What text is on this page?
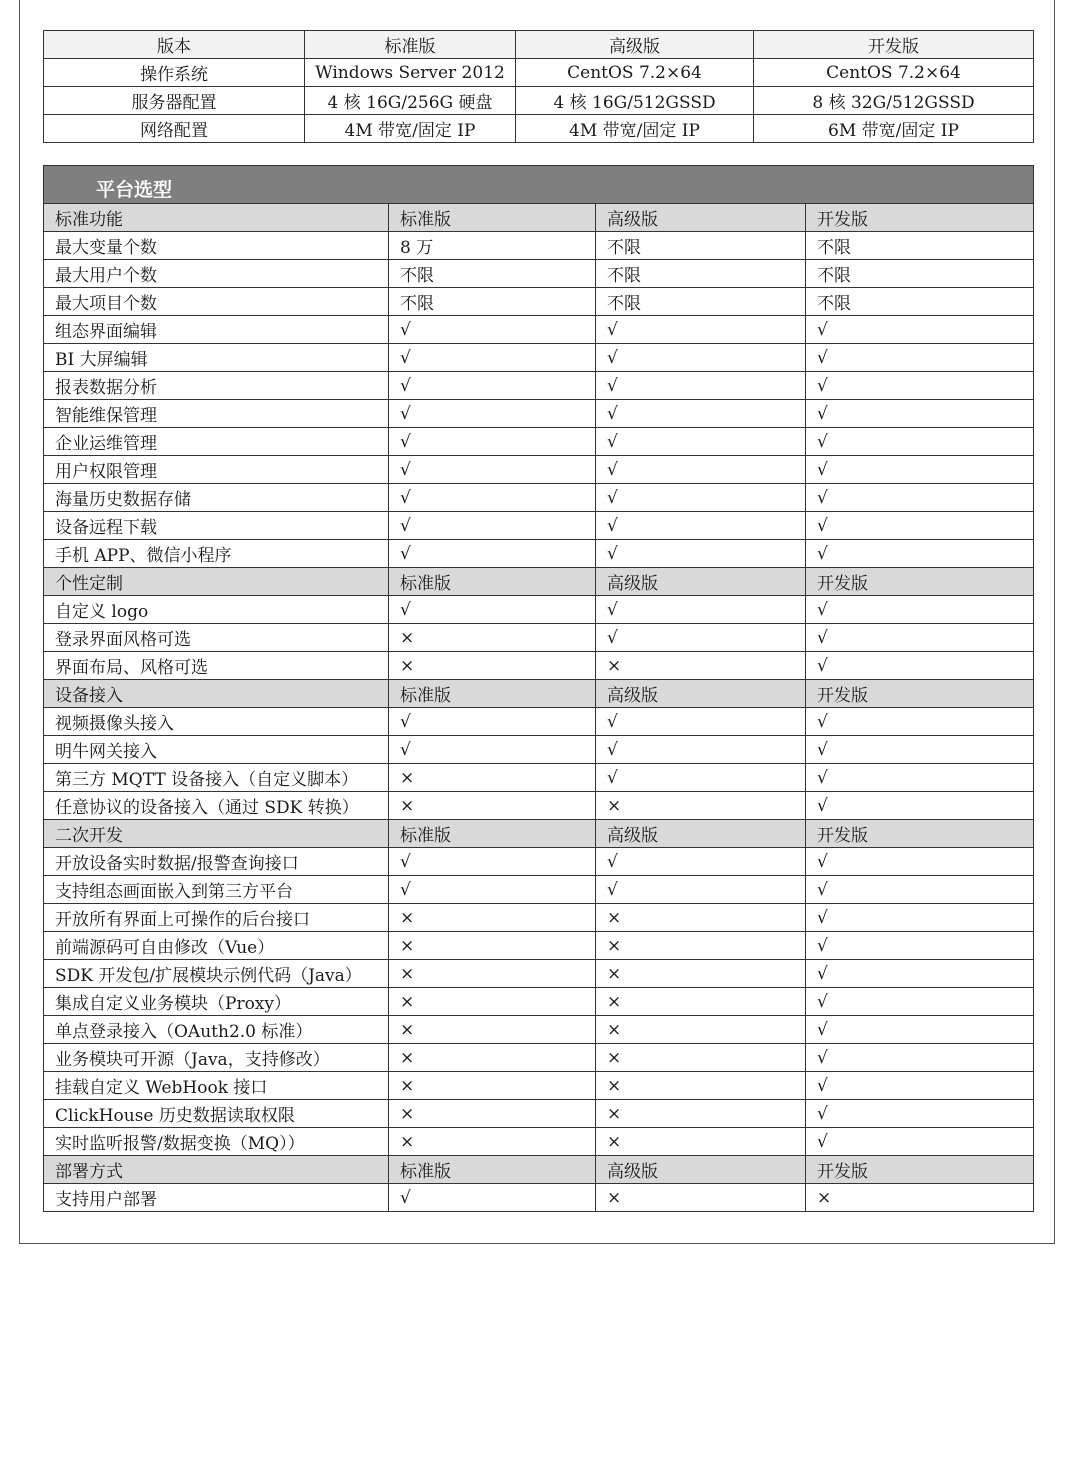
版本	标准版	高级版	开发版
操作系统	Windows Server 2012	CentOS 7.2×64	CentOS 7.2×64
服务器配置	4 核 16G/256G 硬盘	4 核 16G/512GSSD	8 核 32G/512GSSD
网络配置	4M 带宽/固定 IP	4M 带宽/固定 IP	6M 带宽/固定 IP
平台选型			
标准功能	标准版	高级版	开发版
最大变量个数	8 万	不限	不限
最大用户个数	不限	不限	不限
最大项目个数	不限	不限	不限
组态界面编辑	√	√	√
BI 大屏编辑	√	√	√
报表数据分析	√	√	√
智能维保管理	√	√	√
企业运维管理	√	√	√
用户权限管理	√	√	√
海量历史数据存储	√	√	√
设备远程下载	√	√	√
手机 APP、微信小程序	√	√	√
个性定制	标准版	高级版	开发版
自定义 logo	√	√	√
登录界面风格可选	×	√	√
界面布局、风格可选	×	×	√
设备接入	标准版	高级版	开发版
视频摄像头接入	√	√	√
明牛网关接入	√	√	√
第三方 MQTT 设备接入（自定义脚本）	×	√	√
任意协议的设备接入（通过 SDK 转换）	×	×	√
二次开发	标准版	高级版	开发版
开放设备实时数据/报警查询接口	√	√	√
支持组态画面嵌入到第三方平台	√	√	√
开放所有界面上可操作的后台接口	×	×	√
前端源码可自由修改（Vue）	×	×	√
SDK 开发包/扩展模块示例代码（Java）	×	×	√
集成自定义业务模块（Proxy）	×	×	√
单点登录接入（OAuth2.0 标准）	×	×	√
业务模块可开源（Java，支持修改）	×	×	√
挂载自定义 WebHook 接口	×	×	√
ClickHouse 历史数据读取权限	×	×	√
实时监听报警/数据变换（MQ））	×	×	√
部署方式	标准版	高级版	开发版
支持用户部署	√	×	×
